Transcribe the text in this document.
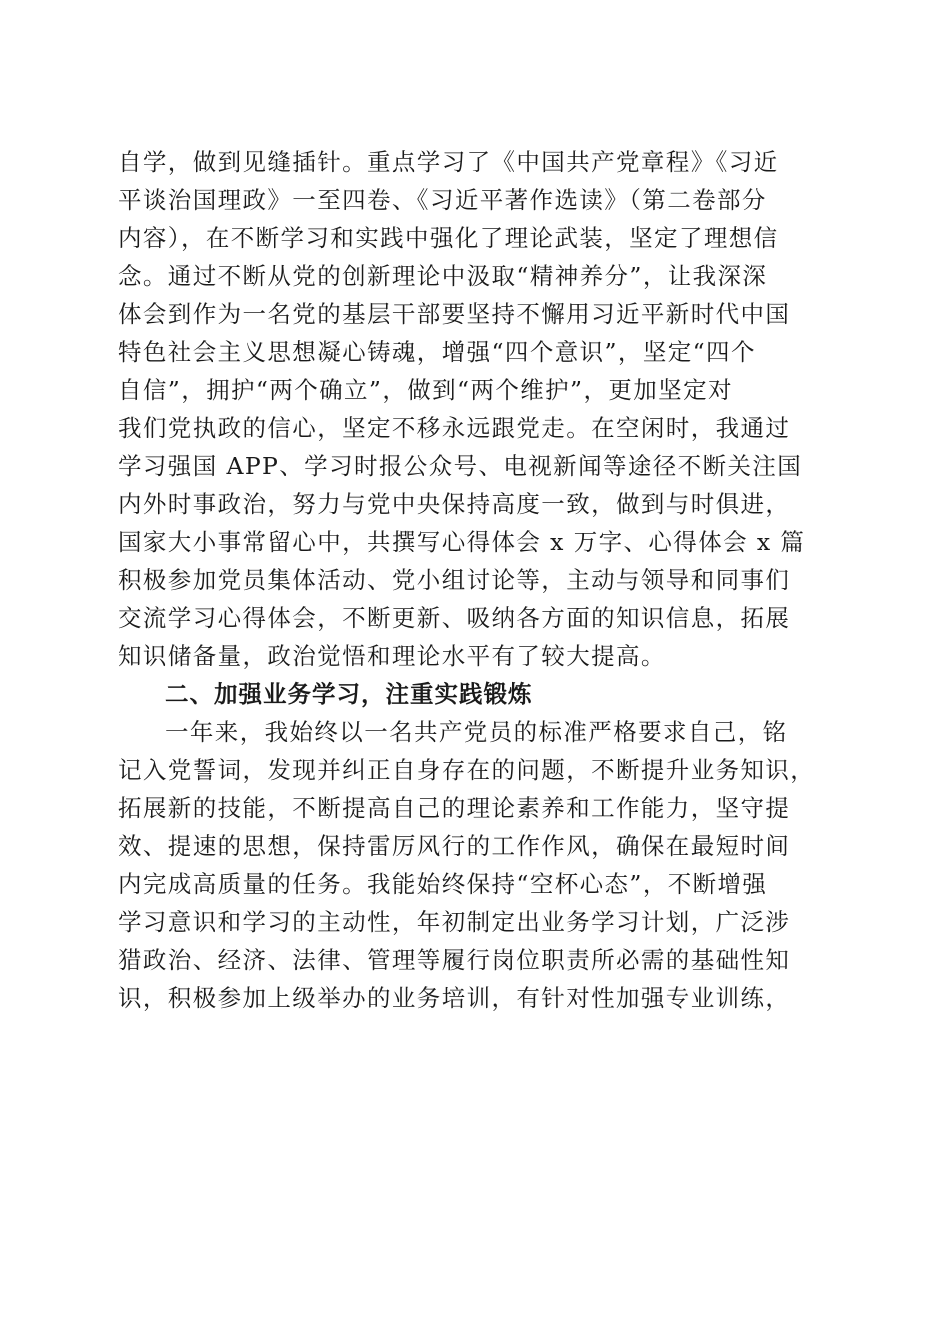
自学，做到见缝插针。重点学习了《中国共产党章程》《习近
平谈治国理政》一至四卷、《习近平著作选读》（第二卷部分
内容），在不断学习和实践中强化了理论武装，坚定了理想信
念。通过不断从党的创新理论中汲取“精神养分”，让我深深
体会到作为一名党的基层干部要坚持不懈用习近平新时代中国
特色社会主义思想凝心铸魂，增强“四个意识”，坚定“四个
自信”，拥护“两个确立”，做到“两个维护”，更加坚定对
我们党执政的信心，坚定不移永远跟党走。在空闲时，我通过
学习强国 APP、学习时报公众号、电视新闻等途径不断关注国
内外时事政治，努力与党中央保持高度一致，做到与时俱进，
国家大小事常留心中，共撰写心得体会 x 万字、心得体会 x 篇
积极参加党员集体活动、党小组讨论等，主动与领导和同事们
交流学习心得体会，不断更新、吸纳各方面的知识信息，拓展
知识储备量，政治觉悟和理论水平有了较大提高。
二、加强业务学习，注重实践锻炼
一年来，我始终以一名共产党员的标准严格要求自己，铭
记入党誓词，发现并纠正自身存在的问题，不断提升业务知识，
拓展新的技能，不断提高自己的理论素养和工作能力，坚守提
效、提速的思想，保持雷厉风行的工作作风，确保在最短时间
内完成高质量的任务。我能始终保持“空杯心态”，不断增强
学习意识和学习的主动性，年初制定出业务学习计划，广泛涉
猎政治、经济、法律、管理等履行岗位职责所必需的基础性知
识，积极参加上级举办的业务培训，有针对性加强专业训练，
